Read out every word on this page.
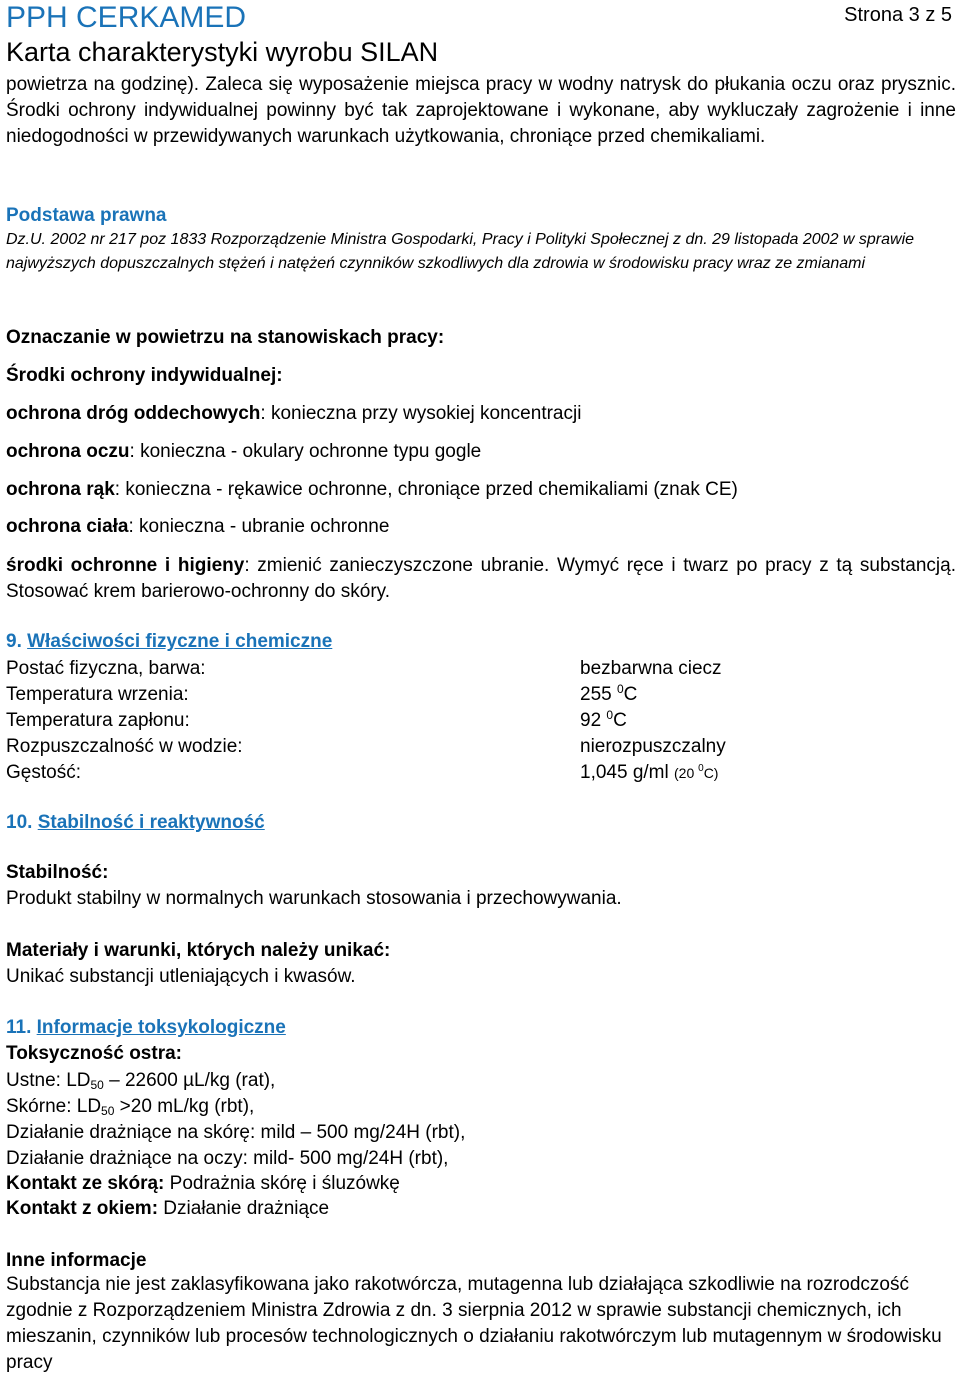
PPH CERKAMED	Strona 3 z 5
Karta charakterystyki wyrobu SILAN

powietrza na godzinę). Zaleca się wyposażenie miejsca pracy w wodny natrysk do płukania oczu oraz prysznic. Środki ochrony indywidualnej powinny być tak zaprojektowane i wykonane, aby wykluczały zagrożenie i inne niedogodności w przewidywanych warunkach użytkowania, chroniące przed chemikaliami.

Podstawa prawna

Dz.U. 2002 nr 217 poz 1833 Rozporządzenie Ministra Gospodarki, Pracy i Polityki Społecznej z dn. 29 listopada 2002 w sprawie najwyższych dopuszczalnych stężeń i natężeń czynników szkodliwych dla zdrowia w środowisku pracy wraz ze zmianami

Oznaczanie w powietrzu na stanowiskach pracy:
Środki ochrony indywidualnej:
ochrona dróg oddechowych: konieczna przy wysokiej koncentracji
ochrona oczu: konieczna - okulary ochronne typu gogle
ochrona rąk: konieczna - rękawice ochronne, chroniące przed chemikaliami (znak CE)
ochrona ciała: konieczna - ubranie ochronne

środki ochronne i higieny: zmienić zanieczyszczone ubranie. Wymyć ręce i twarz po pracy z tą substancją. Stosować krem barierowo-ochronny do skóry.

9. Właściwości fizyczne i chemiczne
Postać fizyczna, barwa:	bezbarwna ciecz
Temperatura wrzenia:	255 $^0$C
Temperatura zapłonu:	92 $^0$C
Rozpuszczalność w wodzie:	nierozpuszczalny
Gęstość:	1,045 g/ml (20 $^0$C)
10. Stabilność i reaktywność
Stabilność:
Produkt stabilny w normalnych warunkach stosowania i przechowywania.
Materiały i warunki, których należy unikać:
Unikać substancji utleniających i kwasów.
11. Informacje toksykologiczne
Toksyczność ostra:
Ustne: $LD_{50} - 22600$ µL/kg (rat),
Skórne: $LD_{50} >20$ mL/kg (rbt),
Działanie drażniące na skórę: mild – 500 mg/24H (rbt),
Działanie drażniące na oczy: mild- 500 mg/24H (rbt),
Kontakt ze skórą: Podrażnia skórę i śluzówkę
Kontakt z okiem: Działanie drażniące
Inne informacje

Substancja nie jest zaklasyfikowana jako rakotwórcza, mutagenna lub działająca szkodliwie na rozrodczość zgodnie z Rozporządzeniem Ministra Zdrowia z dn. 3 sierpnia 2012 w sprawie substancji chemicznych, ich mieszanin, czynników lub procesów technologicznych o działaniu rakotwórczym lub mutagennym w środowisku pracy
